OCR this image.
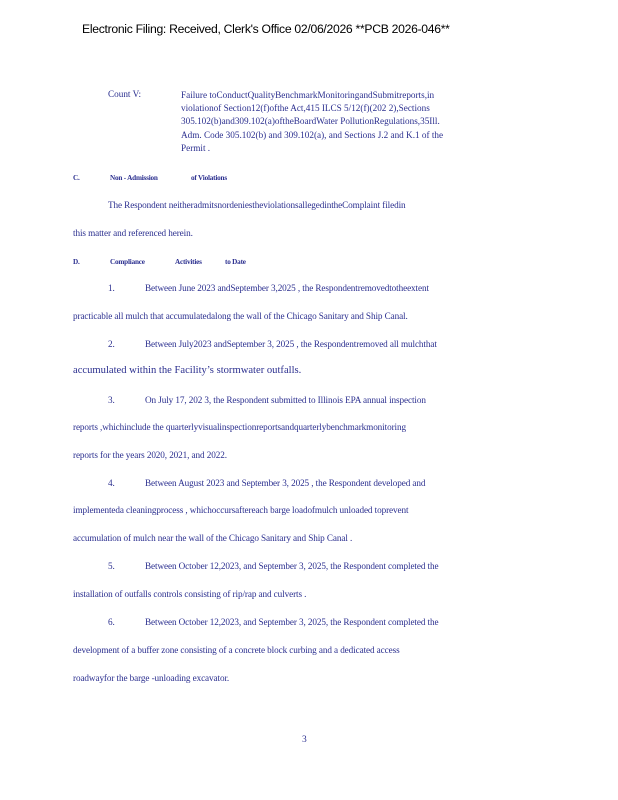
Electronic Filing: Received, Clerk's Office 02/06/2026 **PCB 2026-046**
Count V:	Failure toConductQualityBenchmarkMonitoringandSubmitreports,in
violationof Section12(f)ofthe Act,415 ILCS 5/12(f)(202 2),Sections
305.102(b)and309.102(a)oftheBoardWater PollutionRegulations,35Ill.
Adm. Code 305.102(b) and 309.102(a), and Sections J.2 and K.1 of the
Permit .
C.	Non - Admission	of Violations
The Respondent neitheradmitsnordeniestheviolationsallegedintheComplaint filedin
this matter and referenced herein.
D.	Compliance	Activities	to Date
1.	Between June 2023 andSeptember 3,2025 , the Respondentremovedtotheextent
practicable all mulch that accumulatedalong the wall of the Chicago Sanitary and Ship Canal.
2.	Between July2023 andSeptember 3, 2025 , the Respondentremoved all mulchthat
accumulated within the Facility’s stormwater outfalls.
3.	On July 17, 202 3, the Respondent submitted to Illinois EPA annual inspection
reports ,whichinclude the quarterlyvisualinspectionreportsandquarterlybenchmarkmonitoring
reports for the years 2020, 2021, and 2022.
4.	Between August 2023 and September 3, 2025 , the Respondent developed and
implementeda cleaningprocess , whichoccursaftereach barge loadofmulch unloaded toprevent
accumulation of mulch near the wall of the Chicago Sanitary and Ship Canal .
5.	Between October 12,2023, and September 3, 2025, the Respondent completed the
installation of outfalls controls consisting of rip/rap and culverts .
6.	Between October 12,2023, and September 3, 2025, the Respondent completed the
development of a buffer zone consisting of a concrete block curbing and a dedicated access
roadwayfor the barge -unloading excavator.
3
